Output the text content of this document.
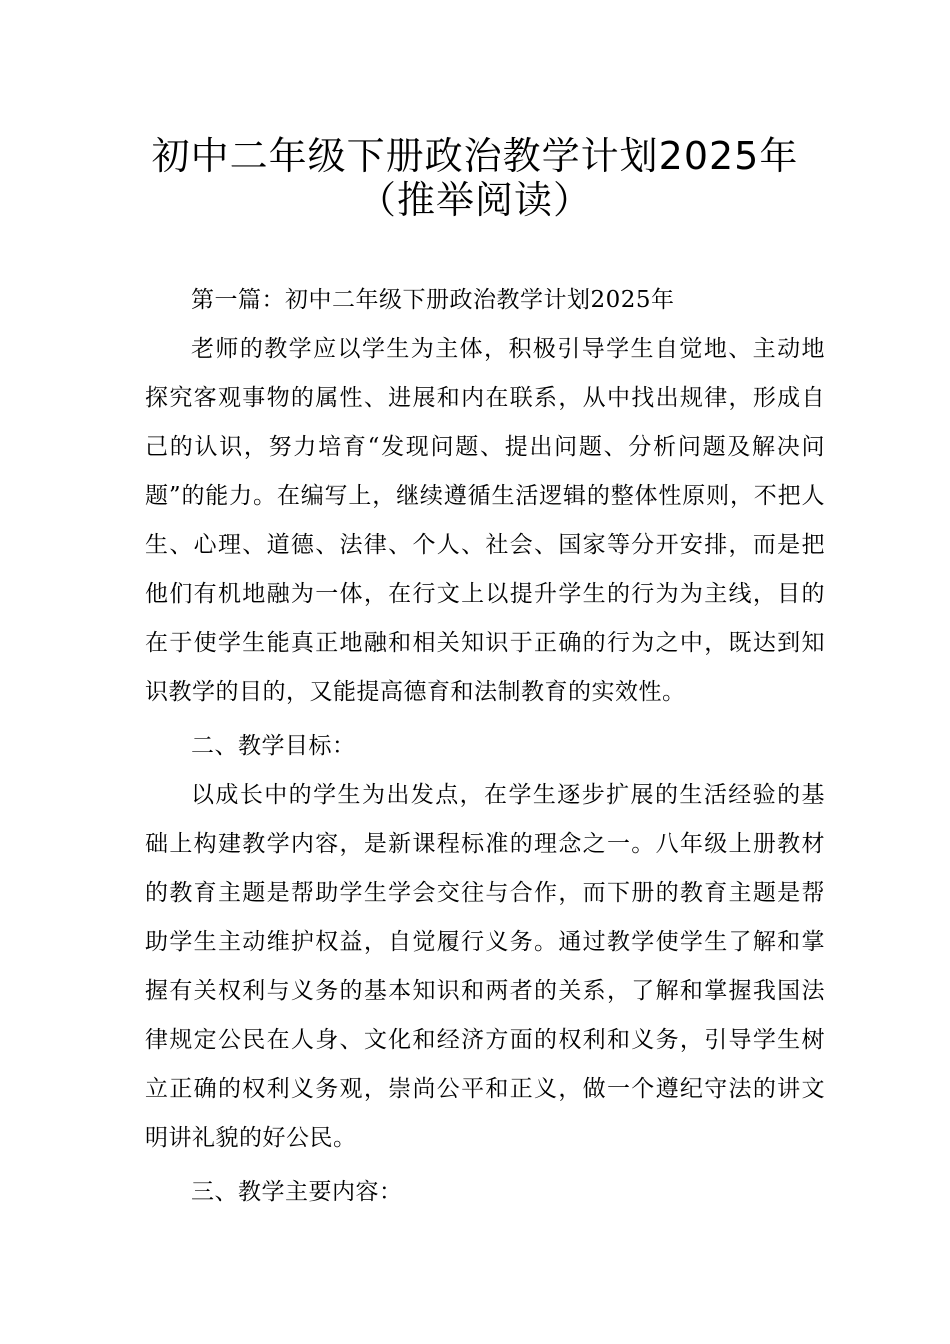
初中二年级下册政治教学计划2025年
（推举阅读）

第一篇：初中二年级下册政治教学计划2025年

老师的教学应以学生为主体，积极引导学生自觉地、主动地探究客观事物的属性、进展和内在联系，从中找出规律，形成自己的认识，努力培育“发现问题、提出问题、分析问题及解决问题”的能力。在编写上，继续遵循生活逻辑的整体性原则，不把人生、心理、道德、法律、个人、社会、国家等分开安排，而是把他们有机地融为一体，在行文上以提升学生的行为为主线，目的在于使学生能真正地融和相关知识于正确的行为之中，既达到知识教学的目的，又能提高德育和法制教育的实效性。

二、教学目标：

以成长中的学生为出发点，在学生逐步扩展的生活经验的基础上构建教学内容，是新课程标准的理念之一。八年级上册教材的教育主题是帮助学生学会交往与合作，而下册的教育主题是帮助学生主动维护权益，自觉履行义务。通过教学使学生了解和掌握有关权利与义务的基本知识和两者的关系，了解和掌握我国法律规定公民在人身、文化和经济方面的权利和义务，引导学生树立正确的权利义务观，崇尚公平和正义，做一个遵纪守法的讲文明讲礼貌的好公民。

三、教学主要内容：
